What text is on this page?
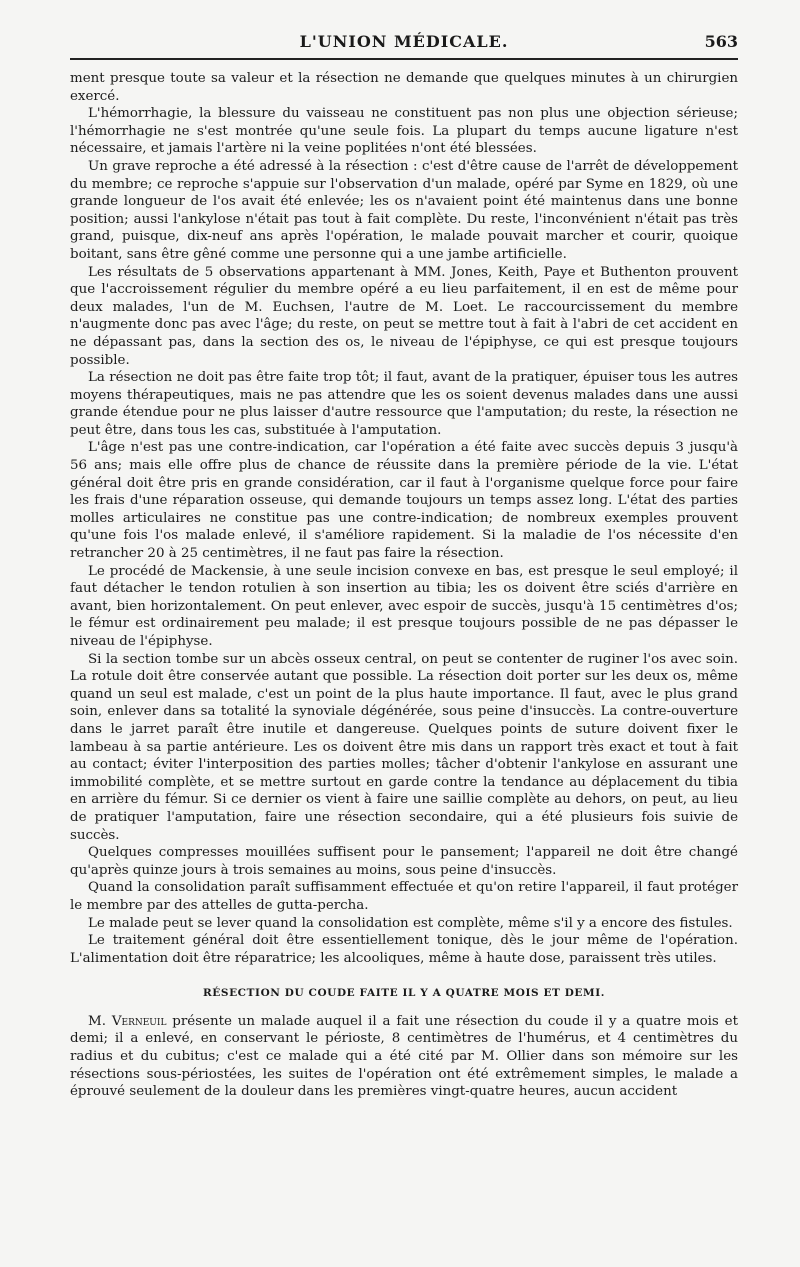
L'UNION MÉDICALE.	563

ment presque toute sa valeur et la résection ne demande que quelques minutes à un chirurgien exercé.

L'hémorrhagie, la blessure du vaisseau ne constituent pas non plus une objection sérieuse; l'hémorrhagie ne s'est montrée qu'une seule fois. La plupart du temps aucune ligature n'est nécessaire, et jamais l'artère ni la veine poplitées n'ont été blessées.

Un grave reproche a été adressé à la résection : c'est d'être cause de l'arrêt de développement du membre; ce reproche s'appuie sur l'observation d'un malade, opéré par Syme en 1829, où une grande longueur de l'os avait été enlevée; les os n'avaient point été maintenus dans une bonne position; aussi l'ankylose n'était pas tout à fait complète. Du reste, l'inconvénient n'était pas très grand, puisque, dix-neuf ans après l'opération, le malade pouvait marcher et courir, quoique boitant, sans être gêné comme une personne qui a une jambe artificielle.

Les résultats de 5 observations appartenant à MM. Jones, Keith, Paye et Buthenton prouvent que l'accroissement régulier du membre opéré a eu lieu parfaitement, il en est de même pour deux malades, l'un de M. Euchsen, l'autre de M. Loet. Le raccourcissement du membre n'augmente donc pas avec l'âge; du reste, on peut se mettre tout à fait à l'abri de cet accident en ne dépassant pas, dans la section des os, le niveau de l'épiphyse, ce qui est presque toujours possible.

La résection ne doit pas être faite trop tôt; il faut, avant de la pratiquer, épuiser tous les autres moyens thérapeutiques, mais ne pas attendre que les os soient devenus malades dans une aussi grande étendue pour ne plus laisser d'autre ressource que l'amputation; du reste, la résection ne peut être, dans tous les cas, substituée à l'amputation.

L'âge n'est pas une contre-indication, car l'opération a été faite avec succès depuis 3 jusqu'à 56 ans; mais elle offre plus de chance de réussite dans la première période de la vie. L'état général doit être pris en grande considération, car il faut à l'organisme quelque force pour faire les frais d'une réparation osseuse, qui demande toujours un temps assez long. L'état des parties molles articulaires ne constitue pas une contre-indication; de nombreux exemples prouvent qu'une fois l'os malade enlevé, il s'améliore rapidement. Si la maladie de l'os nécessite d'en retrancher 20 à 25 centimètres, il ne faut pas faire la résection.

Le procédé de Mackensie, à une seule incision convexe en bas, est presque le seul employé; il faut détacher le tendon rotulien à son insertion au tibia; les os doivent être sciés d'arrière en avant, bien horizontalement. On peut enlever, avec espoir de succès, jusqu'à 15 centimètres d'os; le fémur est ordinairement peu malade; il est presque toujours possible de ne pas dépasser le niveau de l'épiphyse.

Si la section tombe sur un abcès osseux central, on peut se contenter de ruginer l'os avec soin. La rotule doit être conservée autant que possible. La résection doit porter sur les deux os, même quand un seul est malade, c'est un point de la plus haute importance. Il faut, avec le plus grand soin, enlever dans sa totalité la synoviale dégénérée, sous peine d'insuccès. La contre-ouverture dans le jarret paraît être inutile et dangereuse. Quelques points de suture doivent fixer le lambeau à sa partie antérieure. Les os doivent être mis dans un rapport très exact et tout à fait au contact; éviter l'interposition des parties molles; tâcher d'obtenir l'ankylose en assurant une immobilité complète, et se mettre surtout en garde contre la tendance au déplacement du tibia en arrière du fémur. Si ce dernier os vient à faire une saillie complète au dehors, on peut, au lieu de pratiquer l'amputation, faire une résection secondaire, qui a été plusieurs fois suivie de succès.

Quelques compresses mouillées suffisent pour le pansement; l'appareil ne doit être changé qu'après quinze jours à trois semaines au moins, sous peine d'insuccès.

Quand la consolidation paraît suffisamment effectuée et qu'on retire l'appareil, il faut protéger le membre par des attelles de gutta-percha.

Le malade peut se lever quand la consolidation est complète, même s'il y a encore des fistules.

Le traitement général doit être essentiellement tonique, dès le jour même de l'opération. L'alimentation doit être réparatrice; les alcooliques, même à haute dose, paraissent très utiles.

RÉSECTION DU COUDE FAITE IL Y A QUATRE MOIS ET DEMI.

M. Verneuil présente un malade auquel il a fait une résection du coude il y a quatre mois et demi; il a enlevé, en conservant le périoste, 8 centimètres de l'humérus, et 4 centimètres du radius et du cubitus; c'est ce malade qui a été cité par M. Ollier dans son mémoire sur les résections sous-périostées, les suites de l'opération ont été extrêmement simples, le malade a éprouvé seulement de la douleur dans les premières vingt-quatre heures, aucun accident
